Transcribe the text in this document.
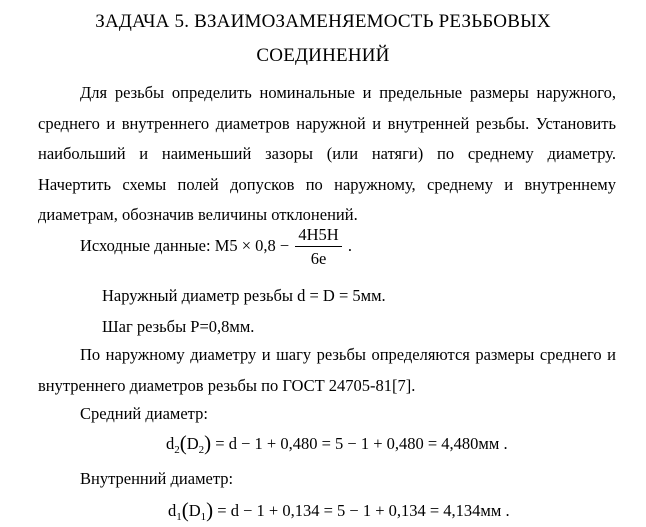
ЗАДАЧА 5. ВЗАИМОЗАМЕНЯЕМОСТЬ РЕЗЬБОВЫХ
СОЕДИНЕНИЙ

Для резьбы определить номинальные и предельные размеры наружного, среднего и внутреннего диаметров наружной и внутренней резьбы. Установить наибольший и наименьший зазоры (или натяги) по среднему диаметру. Начертить схемы полей допусков по наружному, среднему и внутреннему диаметрам, обозначив величины отклонений.

Исходные данные: $М5 \times 0,8 - \frac{4Н5Н}{6е}$ .
Наружный диаметр резьбы d = D = 5мм.
Шаг резьбы Р=0,8мм.

По наружному диаметру и шагу резьбы определяются размеры среднего и внутреннего диаметров резьбы по ГОСТ 24705-81[7].

Средний диаметр:
$d_2(D_2) = d - 1 + 0,480 = 5 - 1 + 0,480 = 4,480мм$ .
Внутренний диаметр:
$d_1(D_1) = d - 1 + 0,134 = 5 - 1 + 0,134 = 4,134мм$ .
